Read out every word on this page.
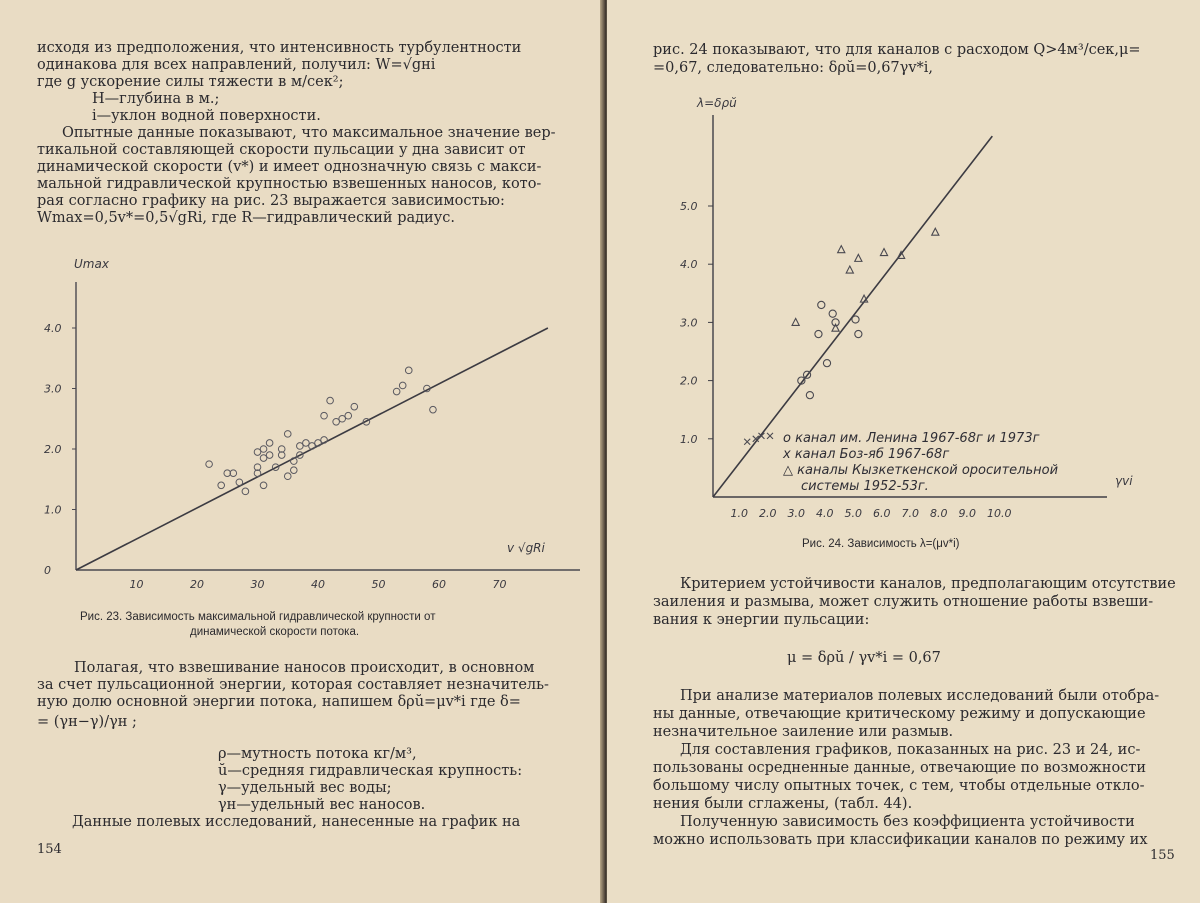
исходя из предположения, что интенсивность турбулентности
одинакова для всех направлений, получил: W=√gнi
где g ускорение силы тяжести в м/сек²;
Н—глубина в м.;
i—уклон водной поверхности.
Опытные данные показывают, что максимальное значение вер-
тикальной составляющей скорости пульсации у дна зависит от
динамической скорости (v*) и имеет однозначную связь с макси-
мальной гидравлической крупностью взвешенных наносов, кото-
рая согласно графику на рис. 23 выражается зависимостью:
Wmax=0,5v*=0,5√gRi, где R—гидравлический радиус.
10	20	30	40	50	60	70
0
1.0
2.0
3.0
4.0
Umax
v √gRi
Рис. 23. Зависимость максимальной гидравлической крупности от
динамической скорости потока.
Полагая, что взвешивание наносов происходит, в основном
за счет пульсационной энергии, которая составляет незначитель-
ную долю основной энергии потока, напишем δρŭ=μv*i где δ=
= (γн−γ)/γн ;
ρ—мутность потока кг/м³,
ŭ—средняя гидравлическая крупность:
γ—удельный вес воды;
γн—удельный вес наносов.
Данные полевых исследований, нанесенные на график на
154
рис. 24 показывают, что для каналов с расходом Q>4м³/сек,μ=
=0,67, следовательно: δρŭ=0,67γv*i,
1.0 2.0 3.0 4.0 5.0 6.0 7.0 8.0 9.0 10.0
1.0
2.0
3.0
4.0
5.0
λ=δρŭ
γvi
о канал им. Ленина 1967-68г и 1973г
х канал Боз-яб 1967-68г
△ каналы Кызкеткенской оросительной
системы 1952-53г.
Рис. 24. Зависимость λ=(μv*i)
Критерием устойчивости каналов, предполагающим отсутствие
заиления и размыва, может служить отношение работы взвеши-
вания к энергии пульсации:
μ = δρŭ / γv*i = 0,67
При анализе материалов полевых исследований были отобра-
ны данные, отвечающие критическому режиму и допускающие
незначительное заиление или размыв.
Для составления графиков, показанных на рис. 23 и 24, ис-
пользованы осредненные данные, отвечающие по возможности
большому числу опытных точек, с тем, чтобы отдельные откло-
нения были сглажены, (табл. 44).
Полученную зависимость без коэффициента устойчивости
можно использовать при классификации каналов по режиму их
155
